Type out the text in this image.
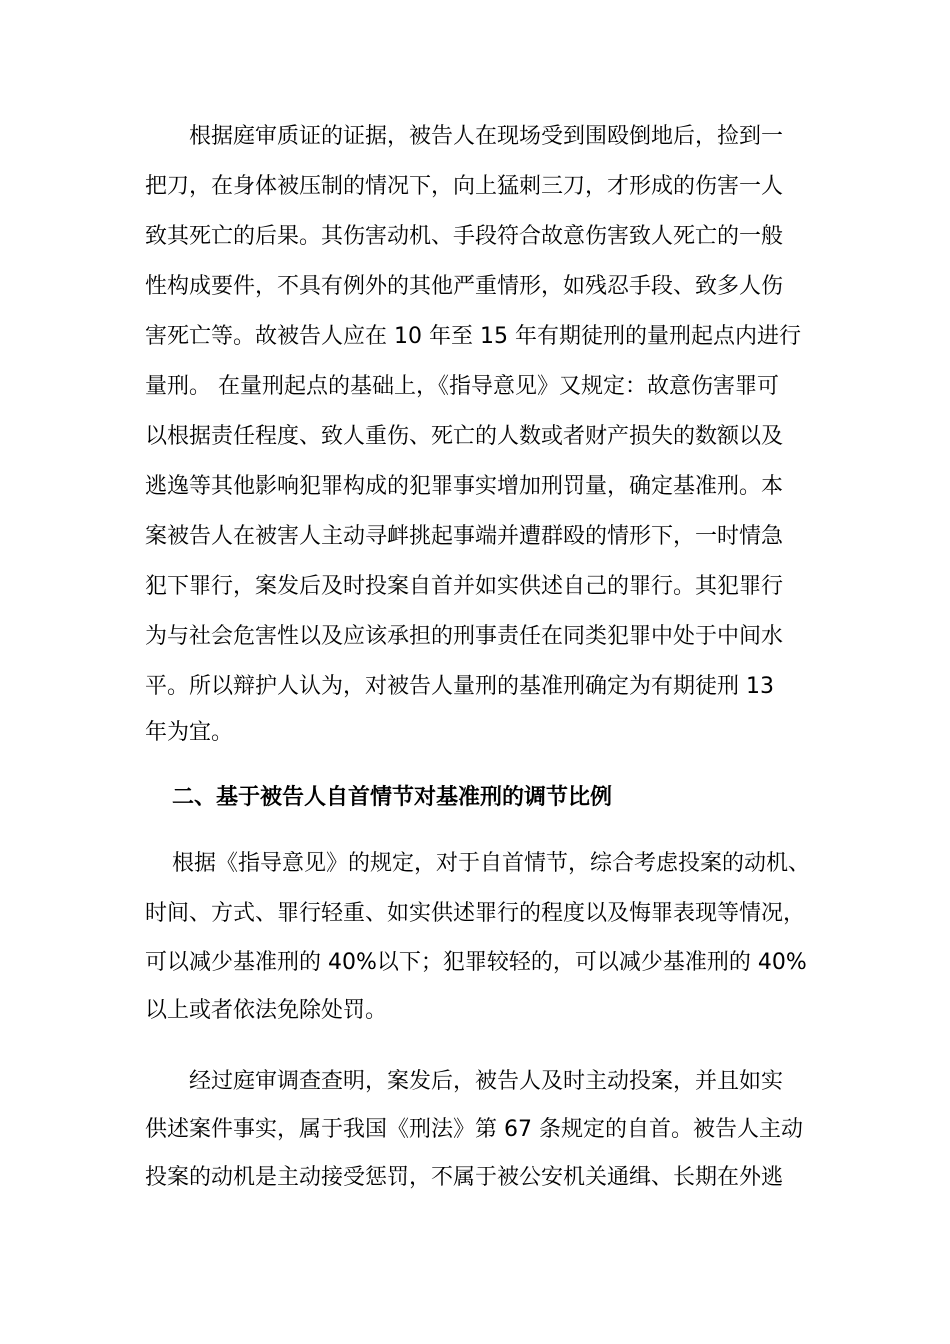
　　根据庭审质证的证据，被告人在现场受到围殴倒地后，捡到一
把刀，在身体被压制的情况下，向上猛刺三刀，才形成的伤害一人
致其死亡的后果。其伤害动机、手段符合故意伤害致人死亡的一般
性构成要件，不具有例外的其他严重情形，如残忍手段、致多人伤
害死亡等。故被告人应在 10 年至 15 年有期徒刑的量刑起点内进行
量刑。 在量刑起点的基础上，《指导意见》又规定：故意伤害罪可
以根据责任程度、致人重伤、死亡的人数或者财产损失的数额以及
逃逸等其他影响犯罪构成的犯罪事实增加刑罚量，确定基准刑。本
案被告人在被害人主动寻衅挑起事端并遭群殴的情形下，一时情急
犯下罪行，案发后及时投案自首并如实供述自己的罪行。其犯罪行
为与社会危害性以及应该承担的刑事责任在同类犯罪中处于中间水
平。所以辩护人认为，对被告人量刑的基准刑确定为有期徒刑 13
年为宜。
二、基于被告人自首情节对基准刑的调节比例
根据《指导意见》的规定，对于自首情节，综合考虑投案的动机、
时间、方式、罪行轻重、如实供述罪行的程度以及悔罪表现等情况，
可以减少基准刑的 40%以下；犯罪较轻的，可以减少基准刑的 40%
以上或者依法免除处罚。
　　经过庭审调查查明，案发后，被告人及时主动投案，并且如实
供述案件事实，属于我国《刑法》第 67 条规定的自首。被告人主动
投案的动机是主动接受惩罚，不属于被公安机关通缉、长期在外逃
